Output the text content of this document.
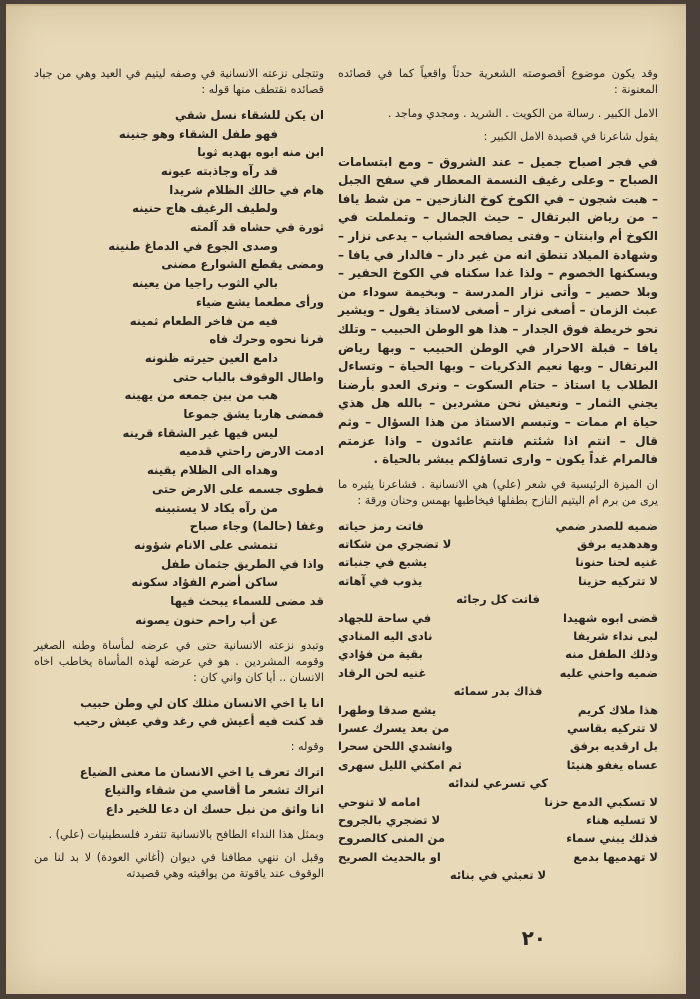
وقد يكون موضوع أقصوصته الشعرية حدثاً واقعياً كما في قصائده المعنونة :

الامل الكبير . رسالة من الكويت . الشريد . ومجدي وماجد .

يقول شاعرنا في قصيدة الامل الكبير :

في فجر اصباح جميل – عند الشروق – ومع ابتسامات الصباح – وعلى رغيف النسمة المعطار في سفح الجبل – هبت شجون – في الكوخ كوخ النازحين – من شط يافا – من رياض البرتقال – حيث الجمال – وتململت في الكوخ أم وابنتان – وفتى يصافحه الشباب – يدعى نزار – وشهادة الميلاد تنطق انه من غير دار – فالدار في يافا – ويسكنها الخصوم – ولذا غدا سكناه في الكوخ الحقير – وبلا حصير – وأتى نزار المدرسة – وبخيمة سوداء من عبث الزمان – أصغى نزار – أصغى لاستاذ يقول – ويشير نحو خريطة فوق الجدار – هذا هو الوطن الحبيب – وتلك يافا – قبلة الاحرار في الوطن الحبيب – وبها رياض البرتقال – وبها نعيم الذكريات – وبها الحياة – وتساءل الطلاب يا استاذ – حتام السكوت – ونرى العدو بأرضنا يجني الثمار – ونعيش نحن مشردين – بالله هل هذي حياة ام ممات – وتبسم الاستاذ من هذا السؤال – وثم قال – انتم اذا شئتم فانتم عائدون – واذا عزمتم فالمرام غداً يكون – وارى تساؤلكم يبشر بالحياة .

ان الميزة الرئيسية في شعر (علي) هي الانسانية . فشاعرنا يثيره ما يرى من برم ام اليتيم النازح بطفلها فيخاطبها بهمس وحنان ورقة :

ضميه للصدر ضمي
فاتت رمز حياته
وهدهديه برفق
لا تضجري من شكاته
غنيه لحنا حنونا
يشبع في جنباته
لا تتركيه حزينا
يذوب في آهاته
فاتت كل رجائه
قضى ابوه شهيدا
في ساحة للجهاد
لبى نداء شريفا
نادى اليه المنادي
وذلك الطفل منه
بقية من فؤادي
ضميه واحني عليه
غنيه لحن الرقاد
فذاك بدر سمائه
هذا ملاك كريم
يشع صدقا وطهرا
لا تتركيه بقاسي
من بعد يسرك عسرا
بل ارقديه برفق
وانشدي اللحن سحرا
عساه يغفو هنيئا
ثم امكثي الليل سهرى
كي تسرعي لندائه
لا تسكبي الدمع حزنا
امامه لا تنوحي
لا تسليه هناء
لا تضجري بالجروح
فذلك يبني سماء
من المنى كالصروح
لا تهدميها بدمع
او بالحديث الصريح
لا تعبثي في بنائه

وتتجلى نزعته الانسانية في وصفه ليتيم في العيد وهي من جياد قصائده نقتطف منها قوله :

ان يكن للشقاء نسل شقي
فهو طفل الشقاء وهو جنينه
ابن منه ابوه بهديه ثوبا
قد رآه وجاذبته عيونه
هام في حالك الظلام شريدا
ولطيف الرغيف هاج حنينه
ثورة في حشاه قد آلمته
وصدى الجوع في الدماغ طنينه
ومضى يقطع الشوارع مضنى
بالي الثوب راجيا من يعينه
ورأى مطعما يشع ضياء
فيه من فاخر الطعام ثمينه
فرنا نحوه وحرك فاه
دامع العين حيرته ظنونه
واطال الوقوف بالباب حتى
هب من بين جمعه من يهينه
فمضى هاربا يشق جموعا
ليس فيها غير الشقاء قرينه
ادمت الارض راحتي قدميه
وهداه الى الظلام يقينه
فطوى جسمه على الارض حتى
من رآه يكاد لا يستبينه
وغفا (حالما) وجاء صباح
تتمشى على الانام شؤونه
واذا في الطريق جثمان طفل
ساكن أضرم الفؤاد سكونه
قد مضى للسماء يبحث فيها
عن أب راحم حنون يصونه

وتبدو نزعته الانسانية حتى في عرضه لمأساة وطنه الصغير وقومه المشردين . هو في عرضه لهذه المأساة يخاطب اخاه الانسان .. أيا كان واني كان :

انا يا اخي الانسان مثلك كان لي وطن حبيب
قد كنت فيه أعيش في رغد وفي عيش رحيب

وقوله :

اتراك تعرف يا اخي الانسان ما معنى الضياع
اتراك تشعر ما أقاسي من شقاء والتياع
انا واثق من نبل حسك ان دعا للخير داع

وبمثل هذا النداء الطافح بالانسانية تتفرد فلسطينيات (علي) .

وقبل ان ننهي مطافنا في ديوان (أغاني العودة) لا بد لنا من الوقوف عند ياقوتة من يواقيته وهي قصيدته

٢٠
